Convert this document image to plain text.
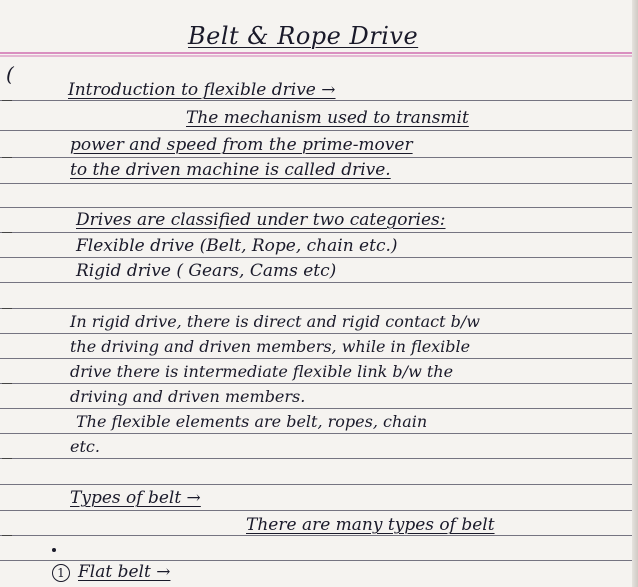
Belt & Rope Drive
(
Introduction to flexible drive →
The mechanism used to transmit
power and speed from the prime-mover
to the driven machine is called drive.
Drives are classified under two categories:
Flexible drive (Belt, Rope, chain etc.)
Rigid drive ( Gears, Cams etc)
In rigid drive, there is direct and rigid contact b/w
the driving and driven members, while in flexible
drive there is intermediate flexible link b/w the
driving and driven members.
The flexible elements are belt, ropes, chain
etc.
Types of belt →
There are many types of belt
1 Flat belt →
